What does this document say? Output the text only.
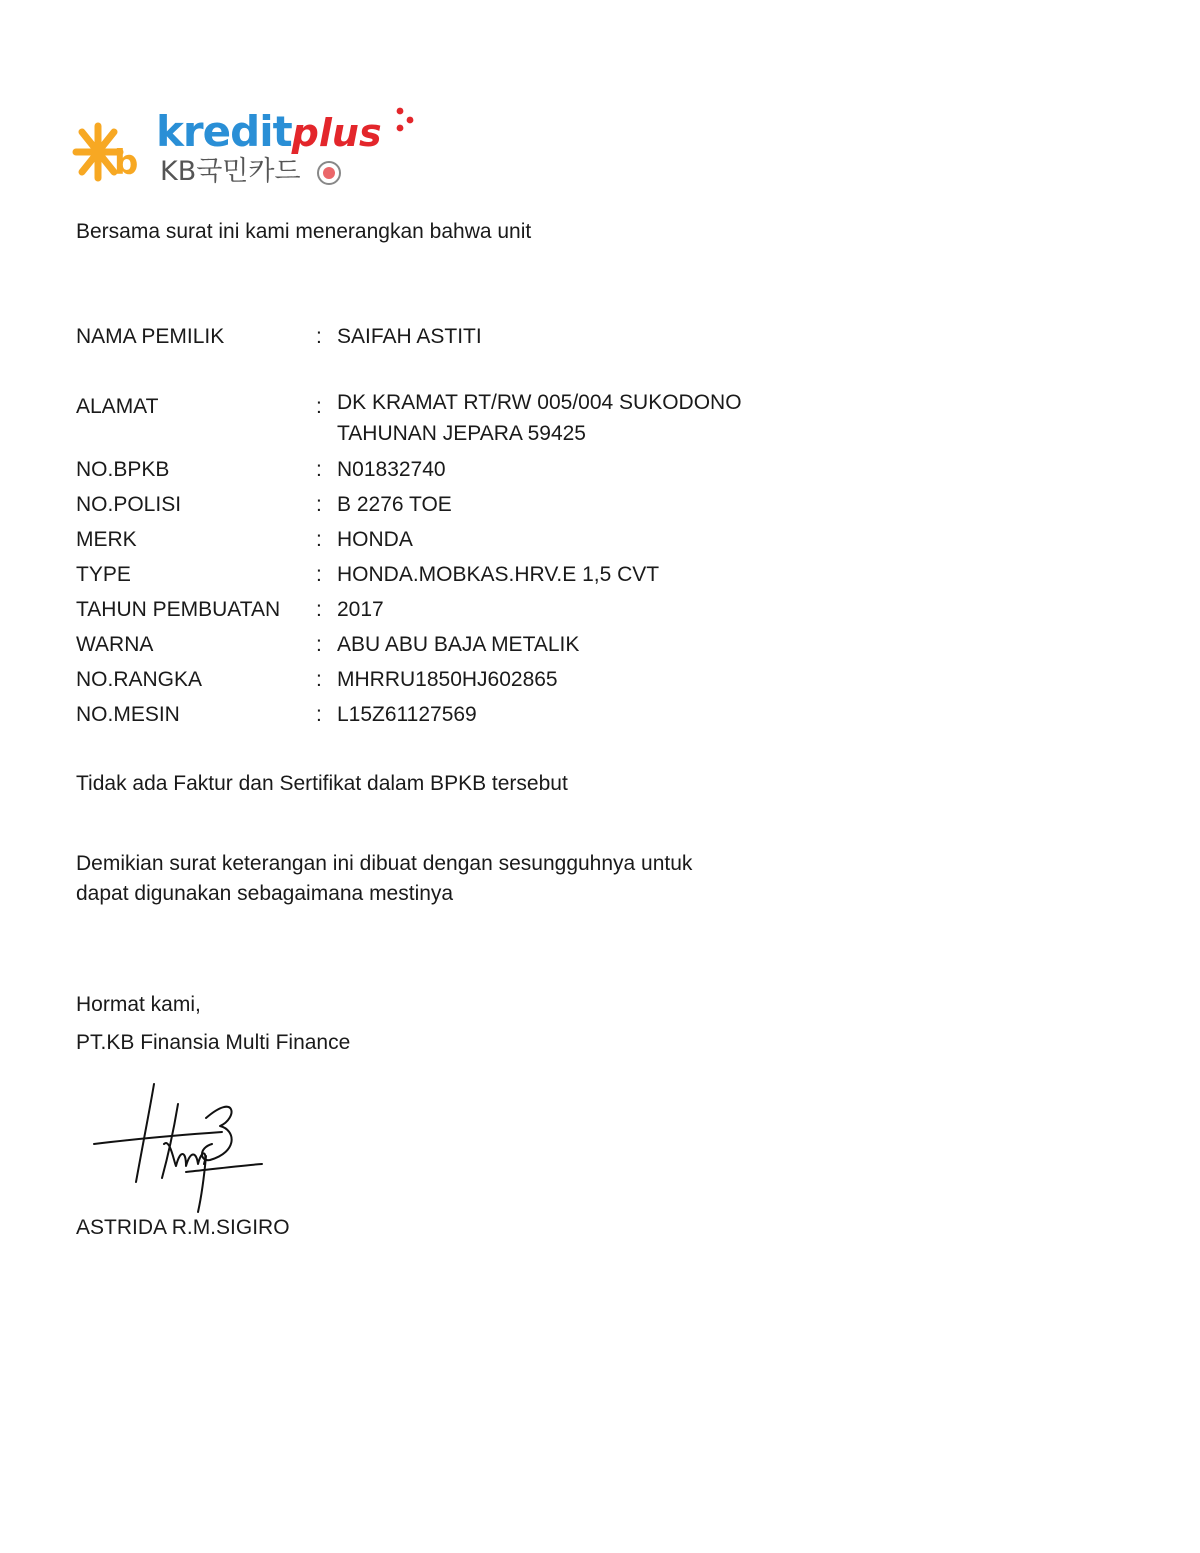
b
kreditplus
KB국민카드
Bersama surat ini kami menerangkan bahwa unit
NAMA PEMILIK	: SAIFAH ASTITI
ALAMAT	: DK KRAMAT RT/RW 005/004 SUKODONO
TAHUNAN JEPARA 59425
NO.BPKB	: N01832740
NO.POLISI	: B 2276 TOE
MERK	: HONDA
TYPE	: HONDA.MOBKAS.HRV.E 1,5 CVT
TAHUN PEMBUATAN : 2017
WARNA	: ABU ABU BAJA METALIK
NO.RANGKA	: MHRRU1850HJ602865
NO.MESIN	: L15Z61127569
Tidak ada Faktur dan Sertifikat dalam BPKB tersebut
Demikian surat keterangan ini dibuat dengan sesungguhnya untuk
dapat digunakan sebagaimana mestinya
Hormat kami,
PT.KB Finansia Multi Finance
ASTRIDA R.M.SIGIRO
